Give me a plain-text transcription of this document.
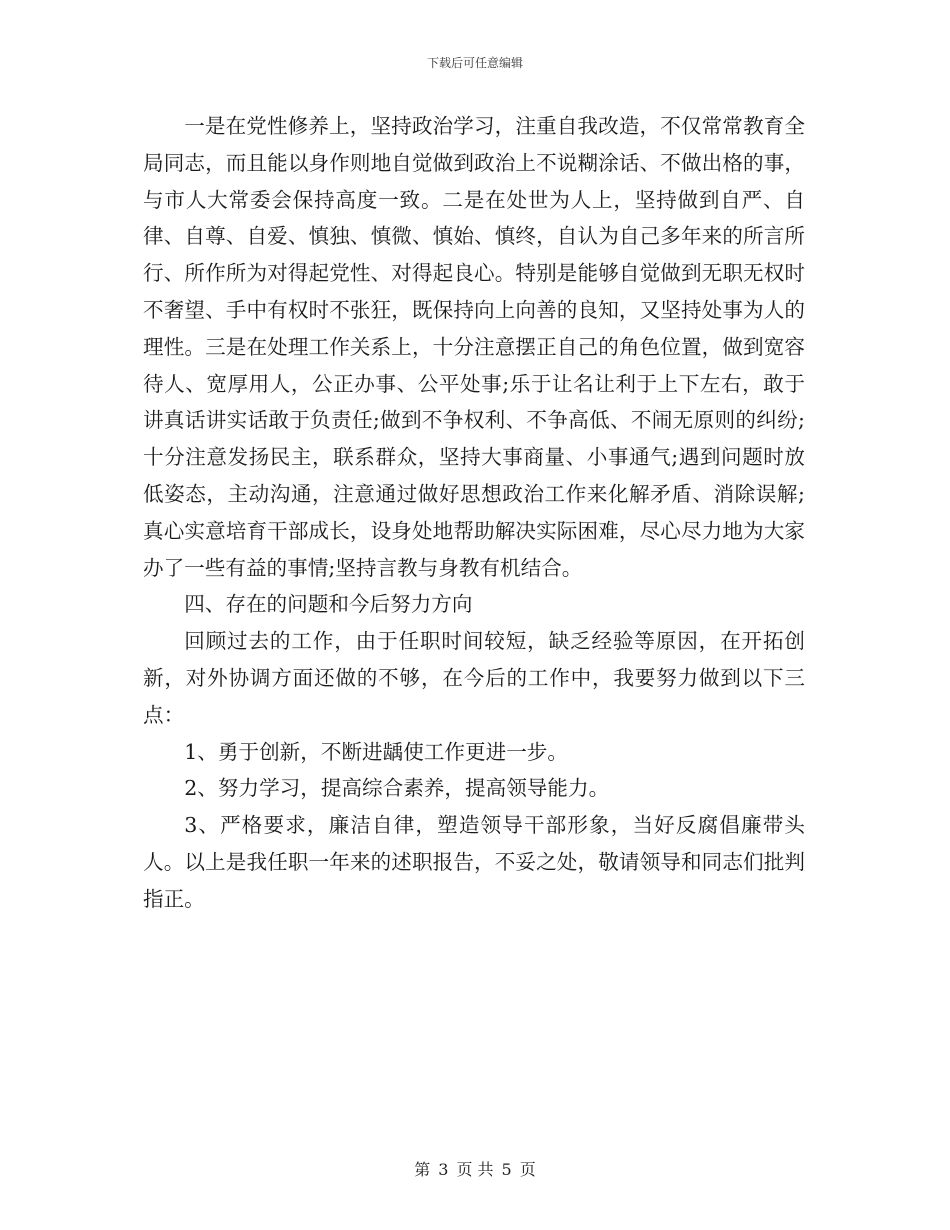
下载后可任意编辑

一是在党性修养上，坚持政治学习，注重自我改造，不仅常常教育全局同志，而且能以身作则地自觉做到政治上不说糊涂话、不做出格的事，与市人大常委会保持高度一致。二是在处世为人上，坚持做到自严、自律、自尊、自爱、慎独、慎微、慎始、慎终，自认为自己多年来的所言所行、所作所为对得起党性、对得起良心。特别是能够自觉做到无职无权时不奢望、手中有权时不张狂，既保持向上向善的良知，又坚持处事为人的理性。三是在处理工作关系上，十分注意摆正自己的角色位置，做到宽容待人、宽厚用人，公正办事、公平处事;乐于让名让利于上下左右，敢于讲真话讲实话敢于负责任;做到不争权利、不争高低、不闹无原则的纠纷;十分注意发扬民主，联系群众，坚持大事商量、小事通气;遇到问题时放低姿态，主动沟通，注意通过做好思想政治工作来化解矛盾、消除误解;真心实意培育干部成长，设身处地帮助解决实际困难，尽心尽力地为大家办了一些有益的事情;坚持言教与身教有机结合。

四、存在的问题和今后努力方向

回顾过去的工作，由于任职时间较短，缺乏经验等原因，在开拓创新，对外协调方面还做的不够，在今后的工作中，我要努力做到以下三点：

1、勇于创新，不断进龋使工作更进一步。

2、努力学习，提高综合素养，提高领导能力。

3、严格要求，廉洁自律，塑造领导干部形象，当好反腐倡廉带头人。以上是我任职一年来的述职报告，不妥之处，敬请领导和同志们批判指正。

第 3 页 共 5 页
